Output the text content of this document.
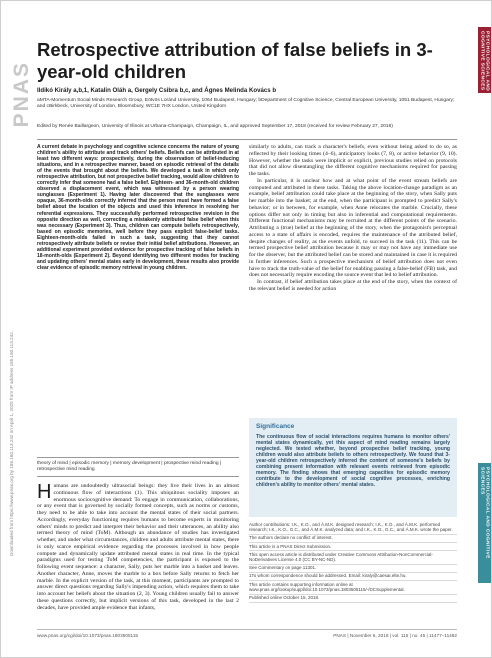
PNAS
Downloaded from https://www.pnas.org by 185.160.113.242 on April 1, 2025 from IP address 185.160.113.242.
PSYCHOLOGICAL AND COGNITIVE SCIENCES
PSYCHOLOGICAL AND COGNITIVE SCIENCES
Retrospective attribution of false beliefs in 3-year-old children
Ildikó Király a,b,1, Katalin Oláh a, Gergely Csibra b,c, and Ágnes Melinda Kovács b
aMTA-Momentum Social Minds Research Group, Eötvös Loránd University, 1064 Budapest, Hungary; bDepartment of Cognitive Science, Central European University, 1051 Budapest, Hungary; and cBirkbeck, University of London, Bloomsbury, WC1E 7HX London, United Kingdom
Edited by Renée Baillargeon, University of Illinois at Urbana-Champaign, Champaign, IL, and approved September 17, 2018 (received for review February 27, 2018)
A current debate in psychology and cognitive science concerns the nature of young children's ability to attribute and track others' beliefs. Beliefs can be attributed in at least two different ways: prospectively, during the observation of belief-inducing situations, and in a retrospective manner, based on episodic retrieval of the details of the events that brought about the beliefs. We developed a task in which only retrospective attribution, but not prospective belief tracking, would allow children to correctly infer that someone had a false belief. Eighteen- and 36-month-old children observed a displacement event, which was witnessed by a person wearing sunglasses (Experiment 1). Having later discovered that the sunglasses were opaque, 36-month-olds correctly inferred that the person must have formed a false belief about the location of the objects and used this inference in resolving her referential expressions. They successfully performed retrospective revision in the opposite direction as well, correcting a mistakenly attributed false belief when this was necessary (Experiment 3). Thus, children can compute beliefs retrospectively, based on episodic memories, well before they pass explicit false-belief tasks. Eighteen-month-olds failed in such a task, suggesting that they cannot retrospectively attribute beliefs or revise their initial belief attributions. However, an additional experiment provided evidence for prospective tracking of false beliefs in 18-month-olds (Experiment 2). Beyond identifying two different modes for tracking and updating others' mental states early in development, these results also provide clear evidence of episodic memory retrieval in young children.
theory of mind | episodic memory | memory development | prospective mind reading | retrospective mind reading
Humans are undoubtedly ultrasocial beings: they live their lives in an almost continuous flow of interactions (1). This ubiquitous sociality imposes an enormous sociocognitive demand: To engage in communication, collaborations, or any event that is governed by socially formed concepts, such as norms or customs, they need to be able to take into account the mental states of their social partners. Accordingly, everyday functioning requires humans to become experts in monitoring others' minds to predict and interpret their behavior and their utterances, an ability also termed theory of mind (ToM). Although an abundance of studies has investigated whether, and under what circumstances, children and adults attribute mental states, there is only scarce empirical evidence regarding the processes involved in how people compute and dynamically update attributed mental states in real time. In the typical paradigms used for testing ToM competencies, the participant is exposed to the following event sequence: a character, Sally, puts her marble into a basket and leaves. Another character, Anne, moves the marble to a box before Sally returns to fetch her marble. In the explicit version of the task, at this moment, participants are prompted to answer direct questions regarding Sally's impending action, which requires them to take into account her beliefs about the situation (2, 3). Young children usually fail to answer these questions correctly, but implicit versions of this task, developed in the last 2 decades, have provided ample evidence that infants,

similarly to adults, can track a character's beliefs, even without being asked to do so, as reflected by their looking times (4–6), anticipatory looks (7, 8), or active behavior (9, 10). However, whether the tasks were implicit or explicit, previous studies relied on protocols that did not allow disentangling the different cognitive mechanisms required for passing the tasks.

In particular, it is unclear how and at what point of the event stream beliefs are computed and attributed in these tasks. Taking the above location-change paradigm as an example, belief attribution could take place at the beginning of the story, when Sally puts her marble into the basket; at the end, when the participant is prompted to predict Sally's behavior; or in between, for example, when Anne relocates the marble. Crucially, these options differ not only in timing but also in inferential and computational requirements. Different functional mechanisms may be recruited at the different points of the scenario. Attributing a (true) belief at the beginning of the story, when the protagonist's perceptual access to a state of affairs is encoded, requires the maintenance of the attributed belief, despite changes of reality, as the events unfold, to succeed in the task (11). This can be termed prospective belief attribution because it may or may not have any immediate use for the observer, but the attributed belief can be stored and maintained in case it is required in further inferences. Such a prospective mechanism of belief attribution does not even have to track the truth-value of the belief for enabling passing a false-belief (FB) task, and does not necessarily require encoding the source event that led to belief attribution.

In contrast, if belief attribution takes place at the end of the story, when the context of the relevant belief is needed for action

Significance
The continuous flow of social interactions requires humans to monitor others' mental states dynamically, yet this aspect of mind reading remains largely neglected. We tested whether, beyond prospective belief tracking, young children would also attribute beliefs to others retrospectively. We found that 3-year-old children retrospectively inferred the content of someone's beliefs by combining present information with relevant events retrieved from episodic memory. The finding shows that emerging capacities for episodic memory contribute to the development of social cognitive processes, enriching children's ability to monitor others' mental states.
Author contributions: I.K., K.O., and Á.M.K. designed research; I.K., K.O., and Á.M.K. performed research; I.K., K.O., G.C., and Á.M.K. analyzed data; and I.K., K.O., G.C., and Á.M.K. wrote the paper.
The authors declare no conflict of interest.
This article is a PNAS Direct Submission.
This open access article is distributed under Creative Commons Attribution-NonCommercial-NoDerivatives License 4.0 (CC BY-NC-ND).
See Commentary on page 11301.
1To whom correspondence should be addressed. Email: kiraly@caesar.elte.hu.
This article contains supporting information online at www.pnas.org/lookup/suppl/doi:10.1073/pnas.1803505115/-/DCSupplemental.
Published online October 15, 2018.
www.pnas.org/cgi/doi/10.1073/pnas.1803505115	PNAS | November 6, 2018 | vol. 115 | no. 45 | 11477–11482
